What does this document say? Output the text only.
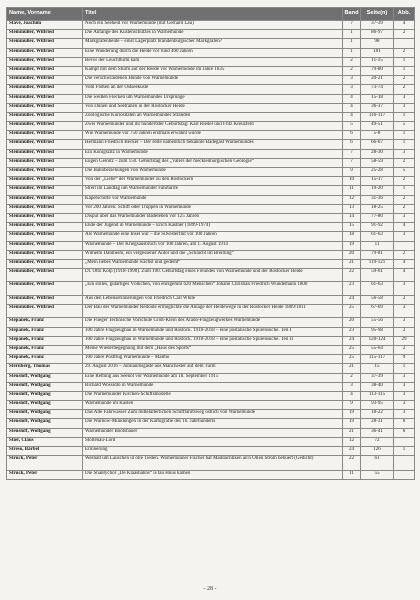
Name, Vorname	Titel	Band	Seite(n)	Abb.
Stave, Joachim	Noch ein Seeheld vor Warnemünde (mit Gerhard Lau)	7	37-39	4
Steinmüller, Wilfried	Die Anfänge des Küstenschutzes in Warnemünde	1	86-97	2
Steinmüller, Wilfried	Markgrafenheide – einst Lagerplatz brandenburgischer Markgrafen?	1	98	
Steinmüller, Wilfried	Eine Wanderung durch die Heide vor rund 400 Jahren	1	101	2
Steinmüller, Wilfried	Bevor der Leuchtturm kam	2	11-15	1
Steinmüller, Wilfried	Kampf mit dem Sturm auf der Reede vor Warnemünde im Jahre 1835	2	79-80	1
Steinmüller, Wilfried	Die verschwundenen Hunde von Warnemünde	3	20-21	2
Steinmüller, Wilfried	Vom Flößen an der Ostseeküste	3	73-74	2
Steinmüller, Wilfried	Die weißen Flecken um Warnemündes Ursprünge	4	15-18	3
Steinmüller, Wilfried	Von Dünen und Seetränen in der Rostocker Heide	4	36-37	3
Steinmüller, Wilfried	Zoologische Kuriositäten an Warnemündes Stränden	4	116-117	1
Steinmüller, Wilfried	Zwei Warnemünder und ihr hundertster Geburtstag: Karl Riedel und Fritz Kreuzfeld	5	49-51	5
Steinmüller, Wilfried	Wie Warnemünde vor 750 Jahren erstmals erwähnt wurde	6	5-8	1
Steinmüller, Wilfried	Hermann Friedrich Becker – Der erste namentlich bekannte Badegast Warnemündes	6	66-67	1
Steinmüller, Wilfried	Ein Königszitz in Warnemünde	7	28-30	3
Steinmüller, Wilfried	Eugen Geinitz – zum 150. Geburtstag des „Vaters der mecklenburgischen Geologie“	7	58-59	2
Steinmüller, Wilfried	Die Bahnbeziehungen von Warnemünde	9	25-28	5
Steinmüller, Wilfried	Von der „Liebe“ der Warnemünder zu den Rostockern	10	15-17	2
Steinmüller, Wilfried	Streit im Landtag um Warnemünder Fährtarife	11	19-20	1
Steinmüller, Wilfried	Kaperschiffe vor Warnemünde	12	31-36	2
Steinmüller, Wilfried	Vor 200 Jahren: Schiff oder Truppen in Warnemünde	13	18-25	2
Steinmüller, Wilfried	Disput über das Warnemünder Badeleben vor 125 Jahren	14	77-80	3
Steinmüller, Wilfried	Ende der Jugend in Warnemünde – Erich Kästner (1899-1974)	15	91-92	4
Steinmüller, Wilfried	Als Warnemünde eine Insel war – die Silvesterflut vor 100 Jahren	18	61-63	3
Steinmüller, Wilfried	Warnemünde – Der Kriegsausbruch vor 100 Jahren, am 1. August 1914	19	11	
Steinmüller, Wilfried	Wilhelm Dahlheim, ein vergessener Autor und die „Schlacht im Breitling“	20	79-81	2
Steinmüller, Wilfried	„Mein liebes Warnemünde wächst und gedeiht“	21	119-121	4
Steinmüller, Wilfried	Dr. Otto Kolp (1918-1990). Zum 100. Geburtstag eines Freundes von Warnemünde und der Rostocker Heide	22	59-61	4
Steinmüller, Wilfried	„Ein stilles, gutartiges Völkchen, von ehrsgefühl 620 Menschen“ Johann Christian Friedrich Wundemann 1800	23	61-63	3
Steinmüller, Wilfried	Aus den Lebenserinnerungen von Friedrich Carl White	24	56-58	2
Steinmüller, Wilfried	Der Bau der Warnemünder Redoute ermöglichte die Anlage der Heidewege in der Rostocker Heide 1809/1811	25	67-69	3
Stepanek, Franz	Die Flieger Technische Vorschule Groß-Klein des Arado-Flugzeugwerkes Warnemünde	20	55-56	3
Stepanek, Franz	100 Jahre Flugzeugbau in Warnemünde und Rostock. 1918-2018 – eine postalische Spurensuche. Teil I	23	95-98	2
Stepanek, Franz	100 Jahre Flugzeugbau in Warnemünde und Rostock. 1918-2018 – eine postalische Spurensuche. Teil II	24	120-124	29
Stepanek, Franz	Meine Wiederbegegnung mit dem „Haus des Sports“	25	55-64	2
Stepanek, Franz	100 Jahre Postflug Warnemünde – Malmö	25	115-117	9
Sternberg, Thomas	29. August 2016 – Jubiläumsgäste aus Manchester auf dem Turm	21	15	1
Steusloff, Wolfgang	Eine Rettung aus Seenot vor Warnemünde am 18. September 1915	2	37-39	3
Steusloff, Wolfgang	Richard Wossidlo in Warnemünde	3	38-40	3
Steusloff, Wolfgang	Die Warnemünder Kirchen-Schiffsmodelle	4	113-115	3
Steusloff, Wolfgang	Warnemünde im Kasten	9	93-95	3
Steusloff, Wolfgang	Das Alte Fahrwasser Zum mittelalterlichen Schifffahrtsweg östlich von Warnemünde	19	18-22	3
Steusloff, Wolfgang	Die Warnow-Mündungen in der Kartografie des 16. Jahrhunderts	19	28-31	6
Steusloff, Wolfgang	Warnemünder Bootsbauer	21	36-41	6
Stier, Claus	Stoltenau-Lord	12	72	
Streso, Bärbel	Erinnerung	24	126	1
Struck, Peter	Weshalt um Lauschen ut olle Tieden. Warnemünner Fischer hät Maddächtiken an'n Ollen Strom behuert (Gedicht)	22	61	
Struck, Peter	Die Shantychor „De Klaashahns“ is tau Huus kamen	11	55	
- 28 -
